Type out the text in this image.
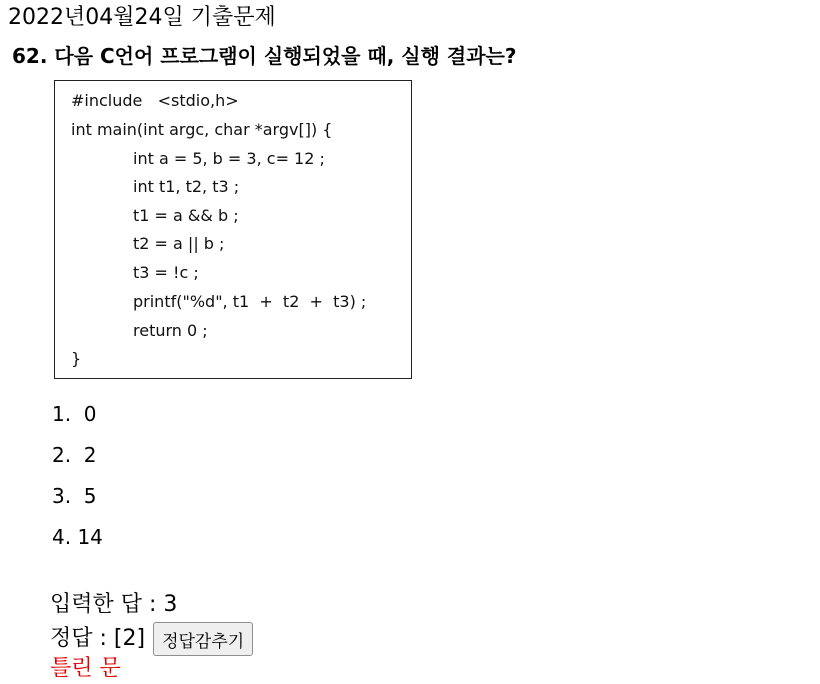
2022년04월24일 기출문제
62. 다음 C언어 프로그램이 실행되었을 때, 실행 결과는?
#include   <stdio,h>
int main(int argc, char *argv[]) {
int a = 5, b = 3, c= 12 ;
int t1, t2, t3 ;
t1 = a && b ;
t2 = a || b ;
t3 = !c ;
printf("%d", t1  +  t2  +  t3) ;
return 0 ;
}
1.  0
2.  2
3.  5
4. 14
입력한 답 : 3
정답 : [2]	정답감추기
틀린 문
